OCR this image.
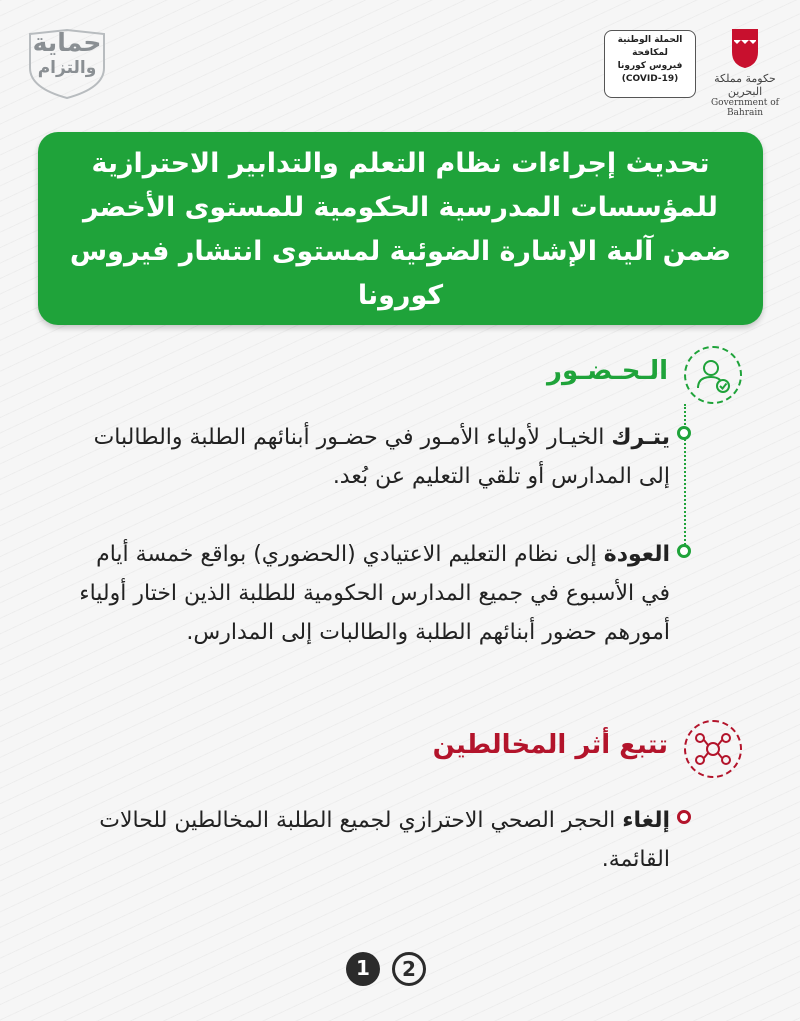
حماية
والتزام
الحملة الوطنية
لمكافحة
فيروس كورونا
(COVID-19)	حكومة مملكة البحرين
Government of Bahrain
تحديث إجراءات نظام التعلم والتدابير الاحترازية للمؤسسات المدرسية الحكومية للمستوى الأخضر ضمن آلية الإشارة الضوئية لمستوى انتشار فيروس كورونا
الـحـضـور
يتـرك الخيـار لأولياء الأمـور في حضـور أبنائهم الطلبة والطالبات إلى المدارس أو تلقي التعليم عن بُعد.
العودة إلى نظام التعليم الاعتيادي (الحضوري) بواقع خمسة أيام في الأسبوع في جميع المدارس الحكومية للطلبة الذين اختار أولياء أمورهم حضور أبنائهم الطلبة والطالبات إلى المدارس.
تتبع أثر المخالطين
إلغاء الحجر الصحي الاحترازي لجميع الطلبة المخالطين للحالات القائمة.
1	2
